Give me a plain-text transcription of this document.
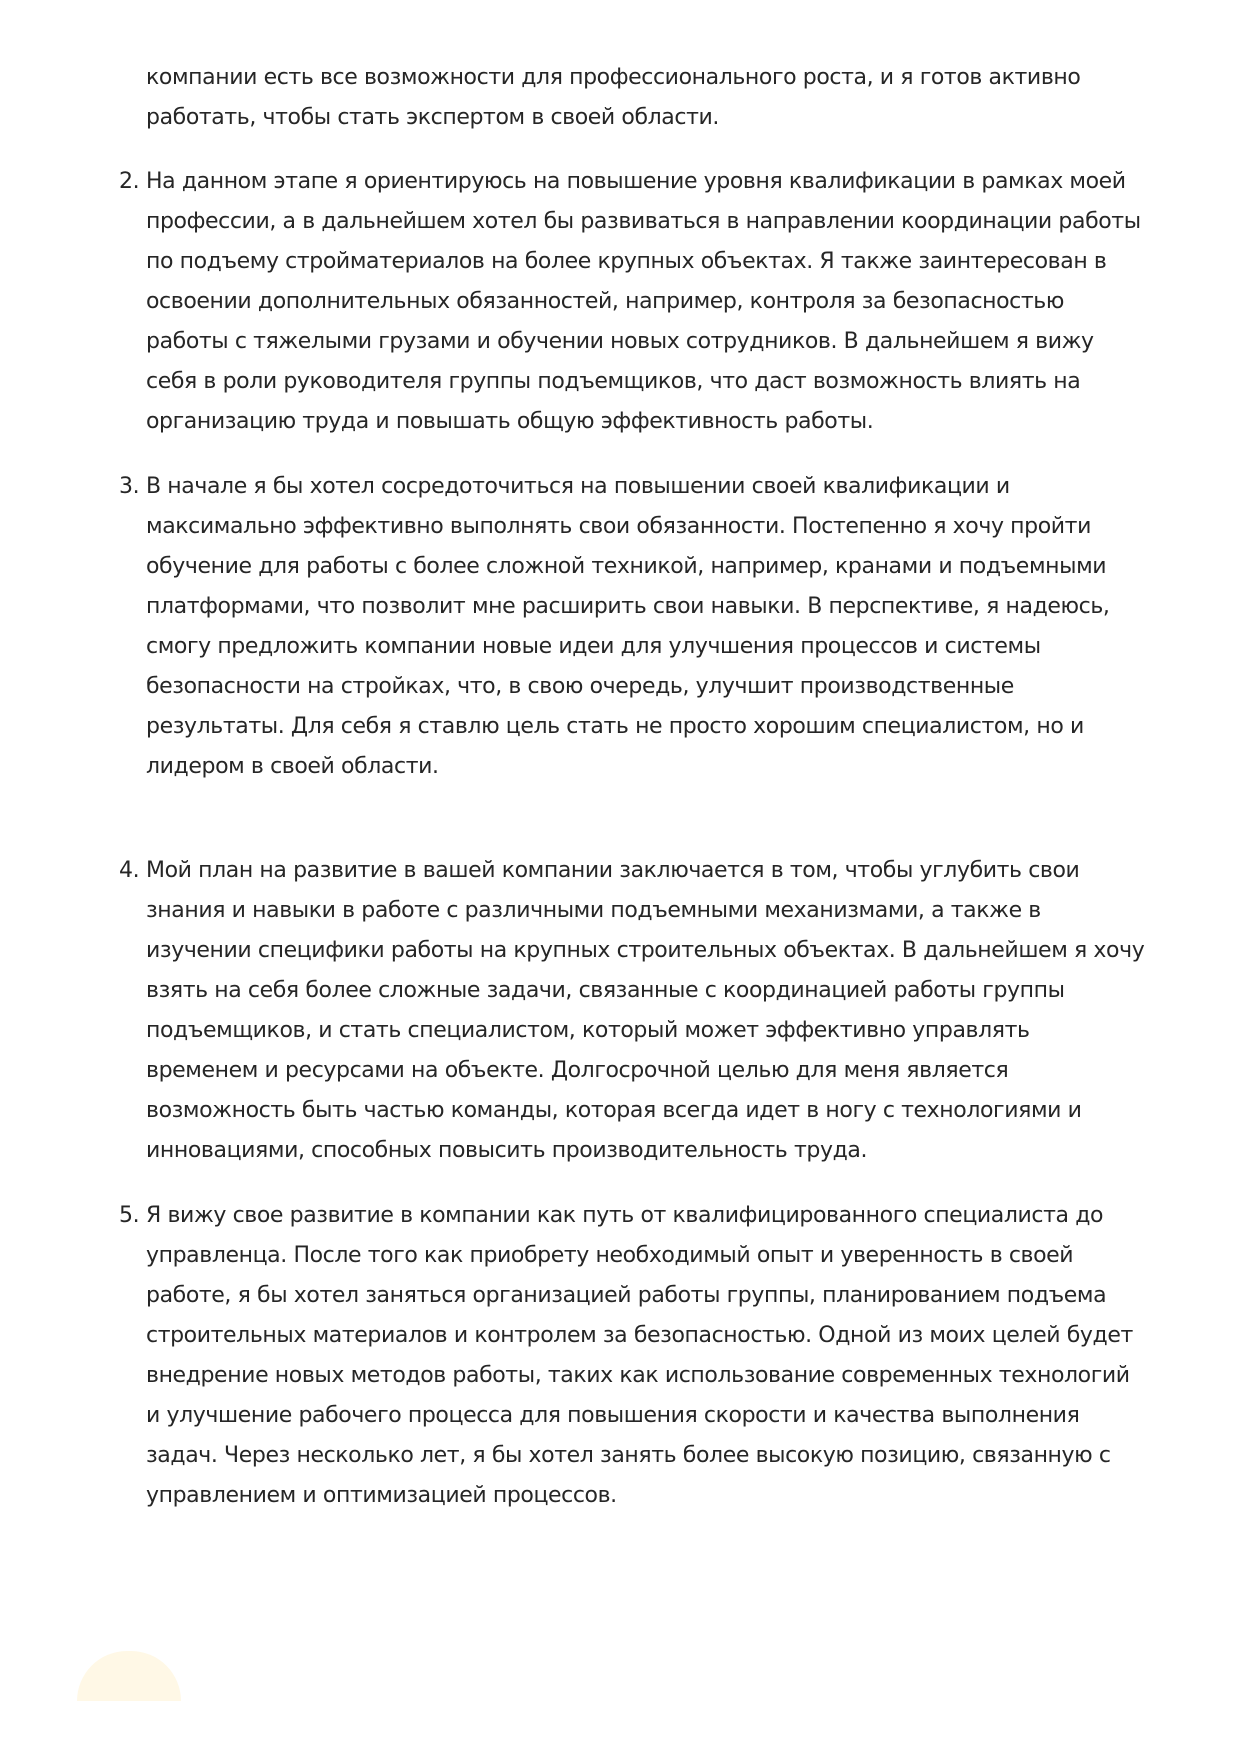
компании есть все возможности для профессионального роста, и я готов активно работать, чтобы стать экспертом в своей области.

2. На данном этапе я ориентируюсь на повышение уровня квалификации в рамках моей профессии, а в дальнейшем хотел бы развиваться в направлении координации работы по подъему стройматериалов на более крупных объектах. Я также заинтересован в освоении дополнительных обязанностей, например, контроля за безопасностью работы с тяжелыми грузами и обучении новых сотрудников. В дальнейшем я вижу себя в роли руководителя группы подъемщиков, что даст возможность влиять на организацию труда и повышать общую эффективность работы.

3. В начале я бы хотел сосредоточиться на повышении своей квалификации и максимально эффективно выполнять свои обязанности. Постепенно я хочу пройти обучение для работы с более сложной техникой, например, кранами и подъемными платформами, что позволит мне расширить свои навыки. В перспективе, я надеюсь, смогу предложить компании новые идеи для улучшения процессов и системы безопасности на стройках, что, в свою очередь, улучшит производственные результаты. Для себя я ставлю цель стать не просто хорошим специалистом, но и лидером в своей области.

4. Мой план на развитие в вашей компании заключается в том, чтобы углубить свои знания и навыки в работе с различными подъемными механизмами, а также в изучении специфики работы на крупных строительных объектах. В дальнейшем я хочу взять на себя более сложные задачи, связанные с координацией работы группы подъемщиков, и стать специалистом, который может эффективно управлять временем и ресурсами на объекте. Долгосрочной целью для меня является возможность быть частью команды, которая всегда идет в ногу с технологиями и инновациями, способных повысить производительность труда.

5. Я вижу свое развитие в компании как путь от квалифицированного специалиста до управленца. После того как приобрету необходимый опыт и уверенность в своей работе, я бы хотел заняться организацией работы группы, планированием подъема строительных материалов и контролем за безопасностью. Одной из моих целей будет внедрение новых методов работы, таких как использование современных технологий и улучшение рабочего процесса для повышения скорости и качества выполнения задач. Через несколько лет, я бы хотел занять более высокую позицию, связанную с управлением и оптимизацией процессов.
